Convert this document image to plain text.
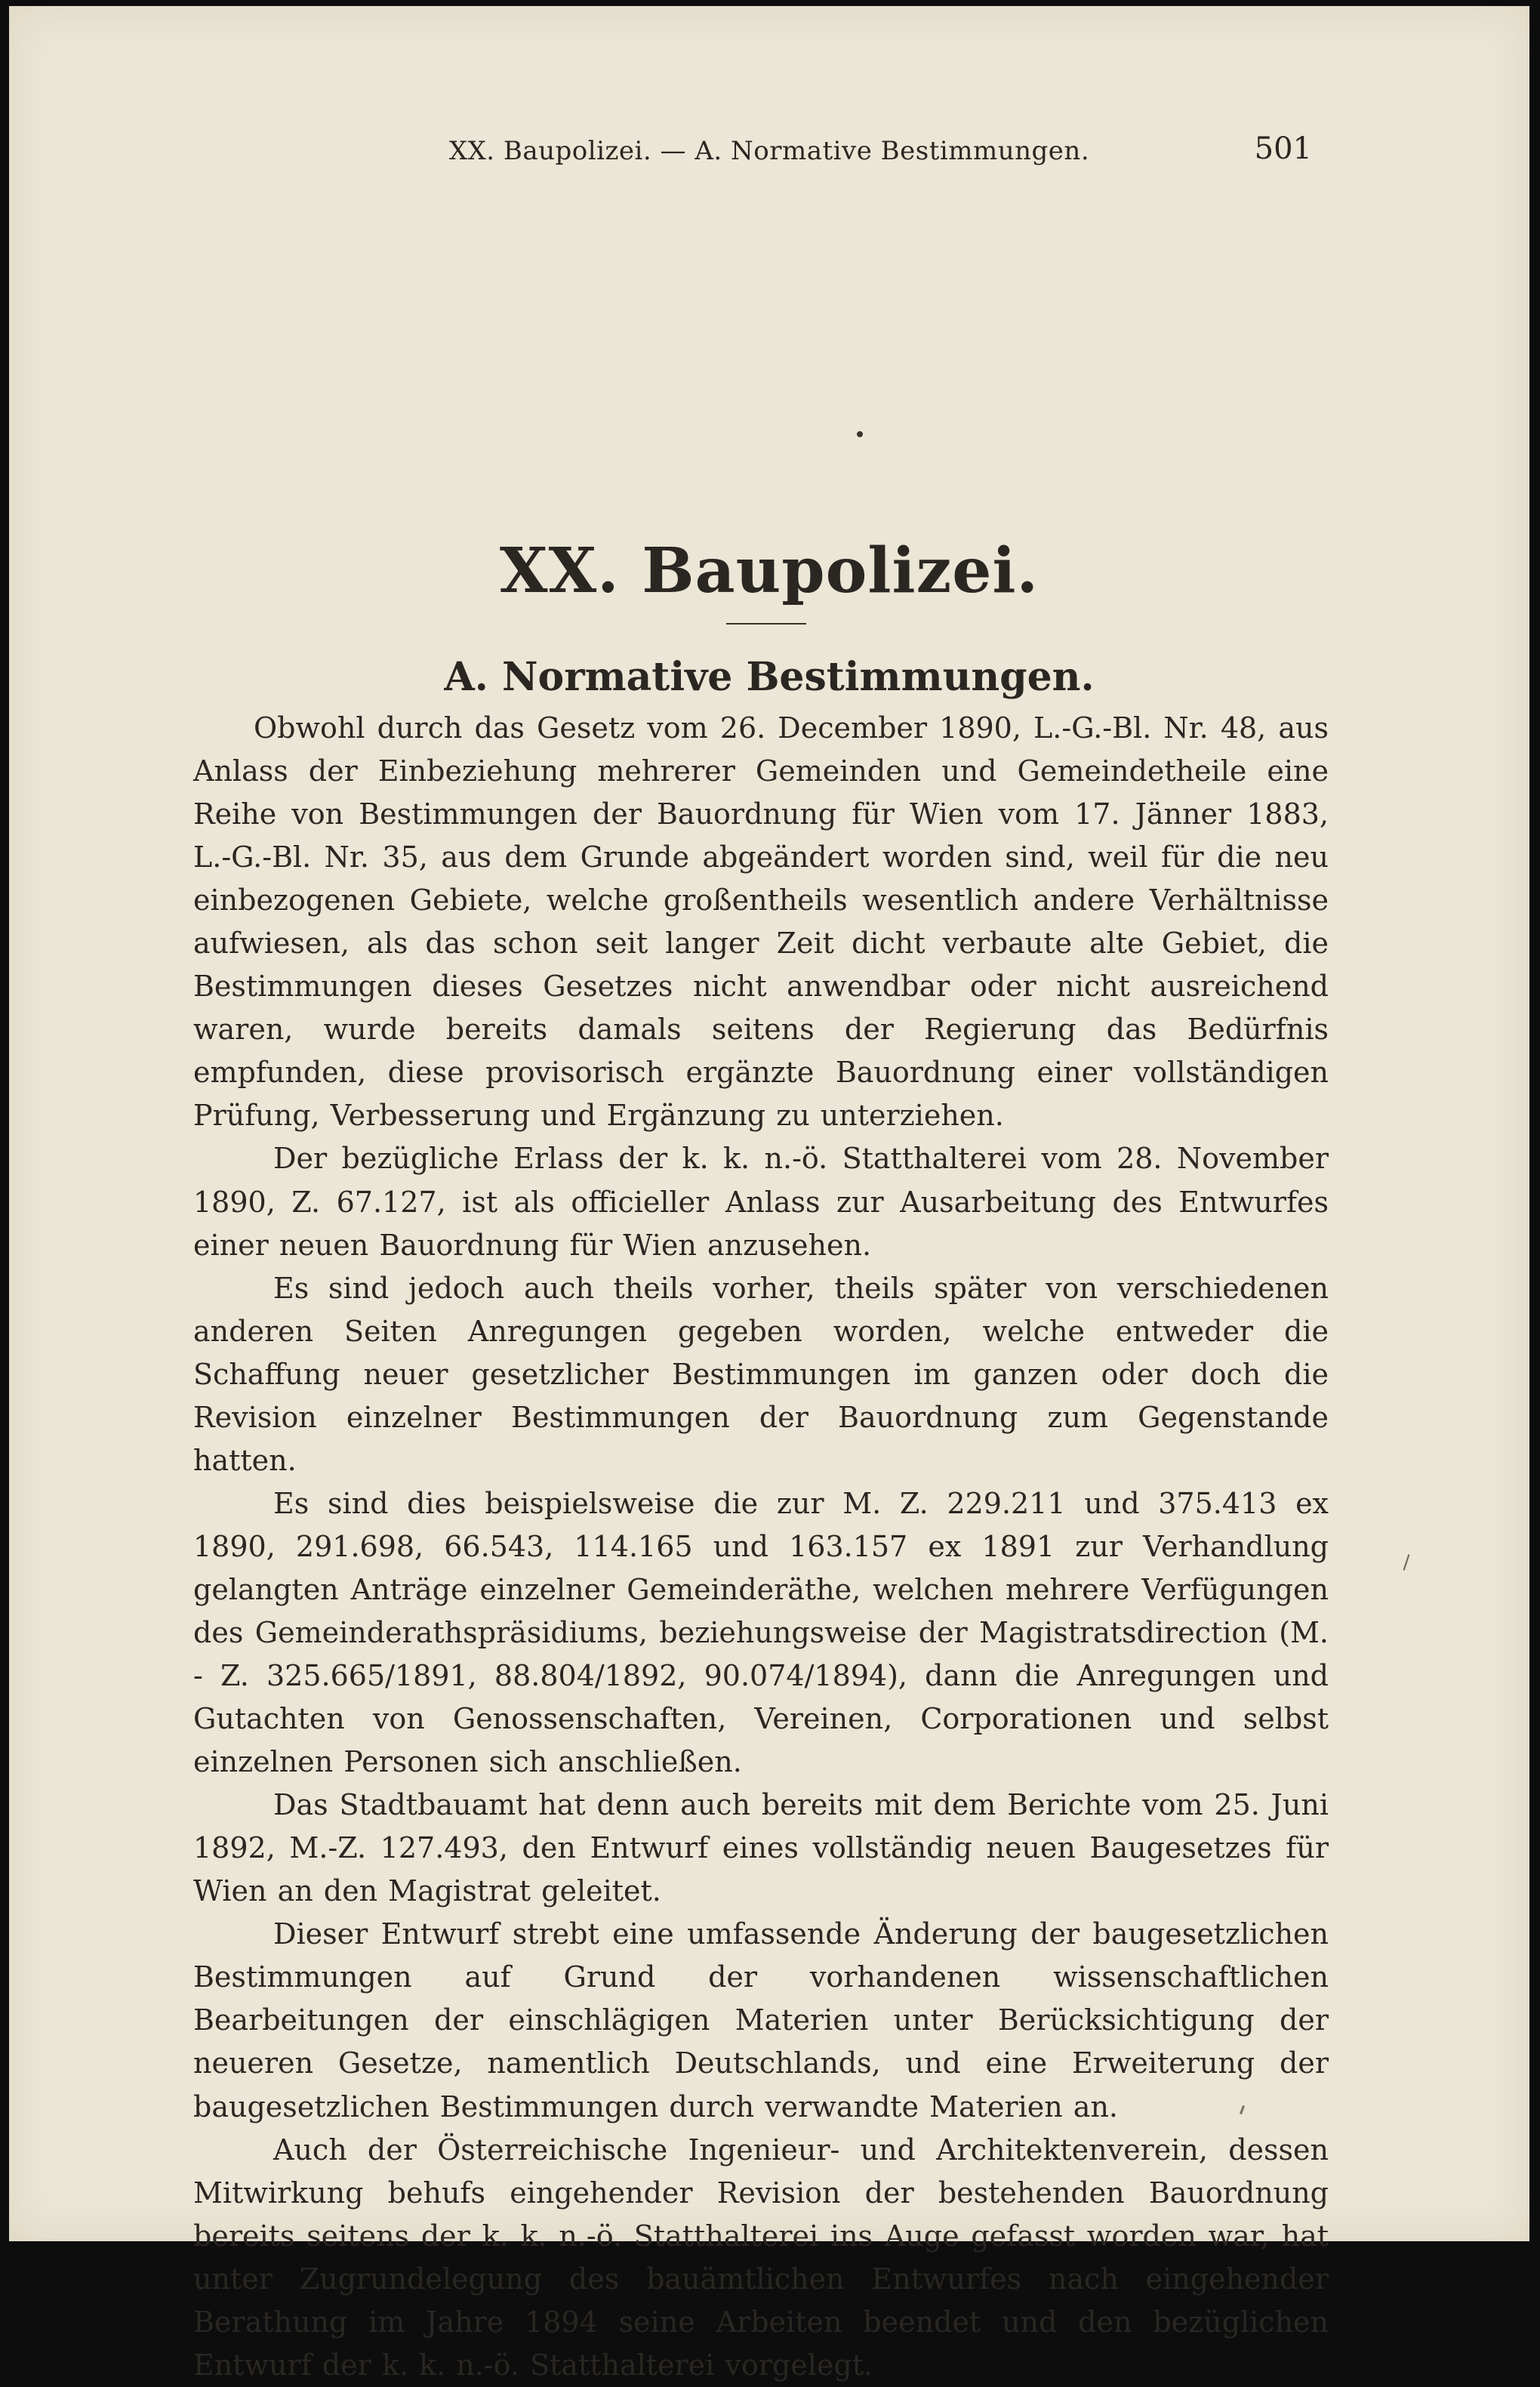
XX. Baupolizei. — A. Normative Bestimmungen.	501
XX. Baupolizei.
A. Normative Bestimmungen.

Obwohl durch das Gesetz vom 26. December 1890, L.-G.-Bl. Nr. 48, aus Anlass der Einbeziehung mehrerer Gemeinden und Gemeindetheile eine Reihe von Bestimmungen der Bauordnung für Wien vom 17. Jänner 1883, L.-G.-Bl. Nr. 35, aus dem Grunde abgeändert worden sind, weil für die neu einbezogenen Gebiete, welche großentheils wesentlich andere Verhältnisse aufwiesen, als das schon seit langer Zeit dicht verbaute alte Gebiet, die Bestimmungen dieses Gesetzes nicht anwendbar oder nicht ausreichend waren, wurde bereits damals seitens der Regierung das Bedürfnis empfunden, diese provisorisch ergänzte Bauordnung einer vollständigen Prüfung, Verbesserung und Ergänzung zu unterziehen.

Der bezügliche Erlass der k. k. n.-ö. Statthalterei vom 28. November 1890, Z. 67.127, ist als officieller Anlass zur Ausarbeitung des Entwurfes einer neuen Bauordnung für Wien anzusehen.

Es sind jedoch auch theils vorher, theils später von verschiedenen anderen Seiten Anregungen gegeben worden, welche entweder die Schaffung neuer gesetzlicher Bestimmungen im ganzen oder doch die Revision einzelner Bestimmungen der Bauordnung zum Gegenstande hatten.

Es sind dies beispielsweise die zur M. Z. 229.211 und 375.413 ex 1890, 291.698, 66.543, 114.165 und 163.157 ex 1891 zur Verhandlung gelangten Anträge einzelner Gemeinderäthe, welchen mehrere Verfügungen des Gemeinderathspräsidiums, beziehungsweise der Magistratsdirection (M. - Z. 325.665/1891, 88.804/1892, 90.074/1894), dann die Anregungen und Gutachten von Genossenschaften, Vereinen, Corporationen und selbst einzelnen Personen sich anschließen.

Das Stadtbauamt hat denn auch bereits mit dem Berichte vom 25. Juni 1892, M.-Z. 127.493, den Entwurf eines vollständig neuen Baugesetzes für Wien an den Magistrat geleitet.

Dieser Entwurf strebt eine umfassende Änderung der baugesetzlichen Bestimmungen auf Grund der vorhandenen wissenschaftlichen Bearbeitungen der einschlägigen Materien unter Berücksichtigung der neueren Gesetze, namentlich Deutschlands, und eine Erweiterung der baugesetzlichen Bestimmungen durch verwandte Materien an.

Auch der Österreichische Ingenieur- und Architektenverein, dessen Mitwirkung behufs eingehender Revision der bestehenden Bauordnung bereits seitens der k. k. n.-ö. Statthalterei ins Auge gefasst worden war, hat unter Zugrundelegung des bauämtlichen Entwurfes nach eingehender Berathung im Jahre 1894 seine Arbeiten beendet und den bezüglichen Entwurf der k. k. n.-ö. Statthalterei vorgelegt.
